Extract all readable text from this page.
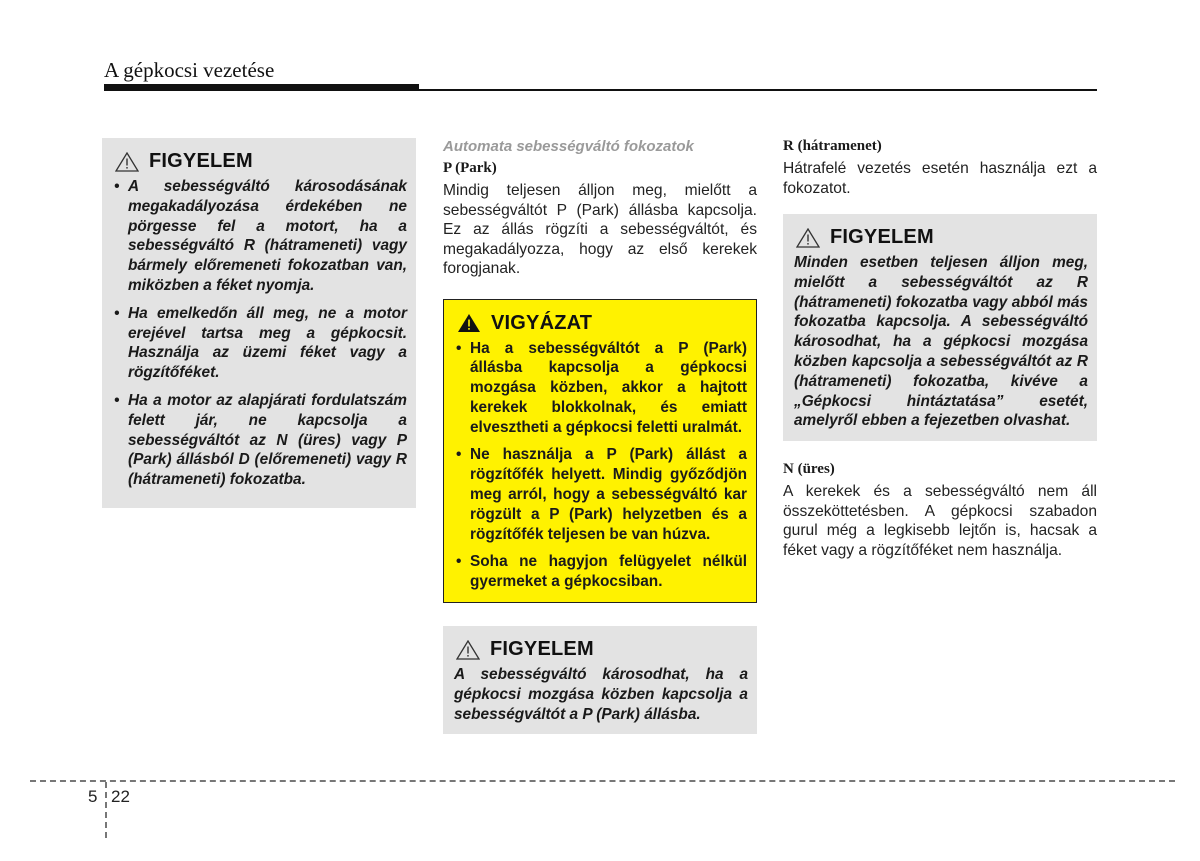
A gépkocsi vezetése
FIGYELEM
• A sebességváltó károsodásának megakadályozása érdekében ne pörgesse fel a motort, ha a sebességváltó R (hátrameneti) vagy bármely előremeneti fokozatban van, miközben a féket nyomja.
• Ha emelkedőn áll meg, ne a motor erejével tartsa meg a gépkocsit. Használja az üzemi féket vagy a rögzítőféket.
• Ha a motor az alapjárati fordulatszám felett jár, ne kapcsolja a sebességváltót az N (üres) vagy P (Park) állásból D (előremeneti) vagy R (hátrameneti) fokozatba.

Automata sebességváltó fokozatok

P (Park)

Mindig teljesen álljon meg, mielőtt a sebességváltót P (Park) állásba kapcsolja. Ez az állás rögzíti a sebességváltót, és megakadályozza, hogy az első kerekek forogjanak.

VIGYÁZAT
• Ha a sebességváltót a P (Park) állásba kapcsolja a gépkocsi mozgása közben, akkor a hajtott kerekek blokkolnak, és emiatt elvesztheti a gépkocsi feletti uralmát.
• Ne használja a P (Park) állást a rögzítőfék helyett. Mindig győződjön meg arról, hogy a sebességváltó kar rögzült a P (Park) helyzetben és a rögzítőfék teljesen be van húzva.
• Soha ne hagyjon felügyelet nélkül gyermeket a gépkocsiban.
FIGYELEM

A sebességváltó károsodhat, ha a gépkocsi mozgása közben kapcsolja a sebességváltót a P (Park) állásba.

R (hátramenet)

Hátrafelé vezetés esetén használja ezt a fokozatot.

FIGYELEM

Minden esetben teljesen álljon meg, mielőtt a sebességváltót az R (hátrameneti) fokozatba vagy abból más fokozatba kapcsolja. A sebességváltó károsodhat, ha a gépkocsi mozgása közben kapcsolja a sebességváltót az R (hátrameneti) fokozatba, kivéve a „Gépkocsi hintáztatása” esetét, amelyről ebben a fejezetben olvashat.

N (üres)

A kerekek és a sebességváltó nem áll összeköttetésben. A gépkocsi szabadon gurul még a legkisebb lejtőn is, hacsak a féket vagy a rögzítőféket nem használja.

5 22
